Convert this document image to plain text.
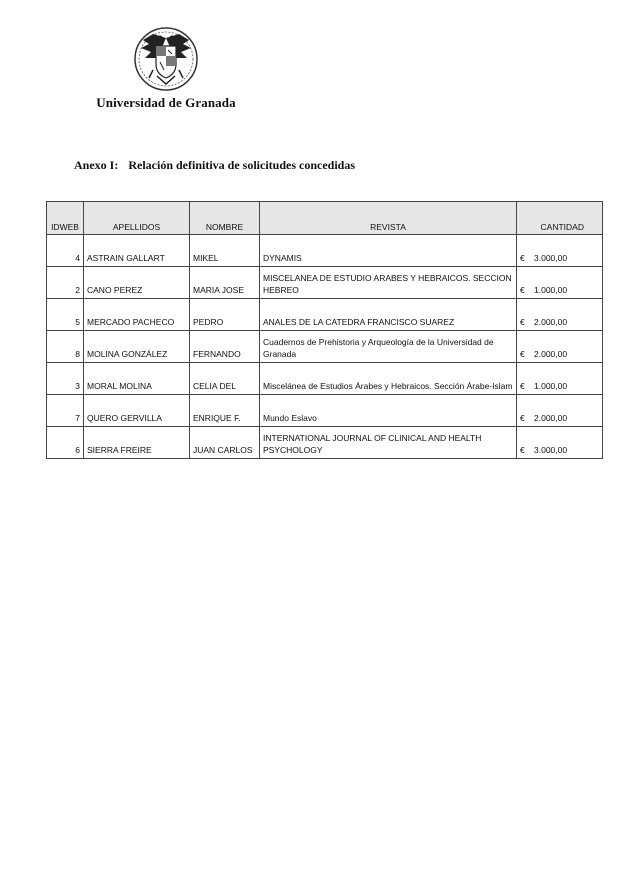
Universidad de Granada
Anexo I: Relación definitiva de solicitudes concedidas
IDWEB	APELLIDOS	NOMBRE	REVISTA	CANTIDAD
4	ASTRAIN GALLART	MIKEL	DYNAMIS	€ 3.000,00
2	CANO PEREZ	MARIA JOSE	MISCELANEA DE ESTUDIO ARABES Y HEBRAICOS. SECCION HEBREO	€ 1.000,00
5	MERCADO PACHECO	PEDRO	ANALES DE LA CATEDRA FRANCISCO SUAREZ	€ 2.000,00
8	MOLINA GONZÁLEZ	FERNANDO	Cuadernos de Prehistoria y Arqueología de la Universidad de Granada	€ 2.000,00
3	MORAL MOLINA	CELIA DEL	Miscelánea de Estudios Árabes y Hebraicos. Sección Árabe-Islam	€ 1.000,00
7	QUERO GERVILLA	ENRIQUE F.	Mundo Eslavo	€ 2.000,00
6	SIERRA FREIRE	JUAN CARLOS	INTERNATIONAL JOURNAL OF CLINICAL AND HEALTH PSYCHOLOGY	€ 3.000,00
